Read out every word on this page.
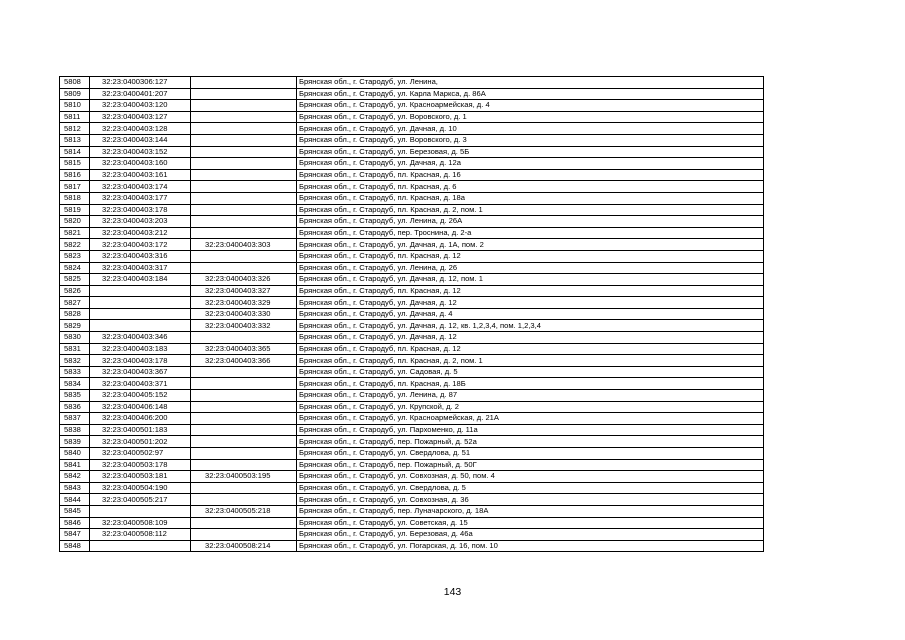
5808	32:23:0400306:127		Брянская обл., г. Стародуб, ул. Ленина,
5809	32:23:0400401:207		Брянская обл., г. Стародуб, ул. Карла Маркса, д. 86А
5810	32:23:0400403:120		Брянская обл., г. Стародуб, ул. Красноармейская, д. 4
5811	32:23:0400403:127		Брянская обл., г. Стародуб, ул. Воровского, д. 1
5812	32:23:0400403:128		Брянская обл., г. Стародуб, ул. Дачная, д. 10
5813	32:23:0400403:144		Брянская обл., г. Стародуб, ул. Воровского, д. 3
5814	32:23:0400403:152		Брянская обл., г. Стародуб, ул. Березовая, д. 5Б
5815	32:23:0400403:160		Брянская обл., г. Стародуб, ул. Дачная, д. 12а
5816	32:23:0400403:161		Брянская обл., г. Стародуб, пл. Красная, д. 16
5817	32:23:0400403:174		Брянская обл., г. Стародуб, пл. Красная, д. 6
5818	32:23:0400403:177		Брянская обл., г. Стародуб, пл. Красная, д. 18а
5819	32:23:0400403:178		Брянская обл., г. Стародуб, пл. Красная, д. 2, пом. 1
5820	32:23:0400403:203		Брянская обл., г. Стародуб, ул. Ленина, д. 26А
5821	32:23:0400403:212		Брянская обл., г. Стародуб, пер. Троснина, д. 2-а
5822	32:23:0400403:172	32:23:0400403:303	Брянская обл., г. Стародуб, ул. Дачная, д. 1А, пом. 2
5823	32:23:0400403:316		Брянская обл., г. Стародуб, пл. Красная, д. 12
5824	32:23:0400403:317		Брянская обл., г. Стародуб, ул. Ленина, д. 26
5825	32:23:0400403:184	32:23:0400403:326	Брянская обл., г. Стародуб, ул. Дачная, д. 12, пом. 1
5826		32:23:0400403:327	Брянская обл., г. Стародуб, пл. Красная, д. 12
5827		32:23:0400403:329	Брянская обл., г. Стародуб, ул. Дачная, д. 12
5828		32:23:0400403:330	Брянская обл., г. Стародуб, ул. Дачная, д. 4
5829		32:23:0400403:332	Брянская обл., г. Стародуб, ул. Дачная, д. 12, кв. 1,2,3,4, пом. 1,2,3,4
5830	32:23:0400403:346		Брянская обл., г. Стародуб, ул. Дачная, д. 12
5831	32:23:0400403:183	32:23:0400403:365	Брянская обл., г. Стародуб, пл. Красная, д. 12
5832	32:23:0400403:178	32:23:0400403:366	Брянская обл., г. Стародуб, пл. Красная, д. 2, пом. 1
5833	32:23:0400403:367		Брянская обл., г. Стародуб, ул. Садовая, д. 5
5834	32:23:0400403:371		Брянская обл., г. Стародуб, пл. Красная, д. 18Б
5835	32:23:0400405:152		Брянская обл., г. Стародуб, ул. Ленина, д. 87
5836	32:23:0400406:148		Брянская обл., г. Стародуб, ул. Крупской, д. 2
5837	32:23:0400406:200		Брянская обл., г. Стародуб, ул. Красноармейская, д. 21А
5838	32:23:0400501:183		Брянская обл., г. Стародуб, ул. Пархоменко, д. 11а
5839	32:23:0400501:202		Брянская обл., г. Стародуб, пер. Пожарный, д. 52а
5840	32:23:0400502:97		Брянская обл., г. Стародуб, ул. Свердлова, д. 51
5841	32:23:0400503:178		Брянская обл., г. Стародуб, пер. Пожарный, д. 50Г
5842	32:23:0400503:181	32:23:0400503:195	Брянская обл., г. Стародуб, ул. Совхозная, д. 50, пом. 4
5843	32:23:0400504:190		Брянская обл., г. Стародуб, ул. Свердлова, д. 5
5844	32:23:0400505:217		Брянская обл., г. Стародуб, ул. Совхозная, д. 36
5845		32:23:0400505:218	Брянская обл., г. Стародуб, пер. Луначарского, д. 18А
5846	32:23:0400508:109		Брянская обл., г. Стародуб, ул. Советская, д. 15
5847	32:23:0400508:112		Брянская обл., г. Стародуб, ул. Березовая, д. 46а
5848		32:23:0400508:214	Брянская обл., г. Стародуб, ул. Погарская, д. 16, пом. 10
143
